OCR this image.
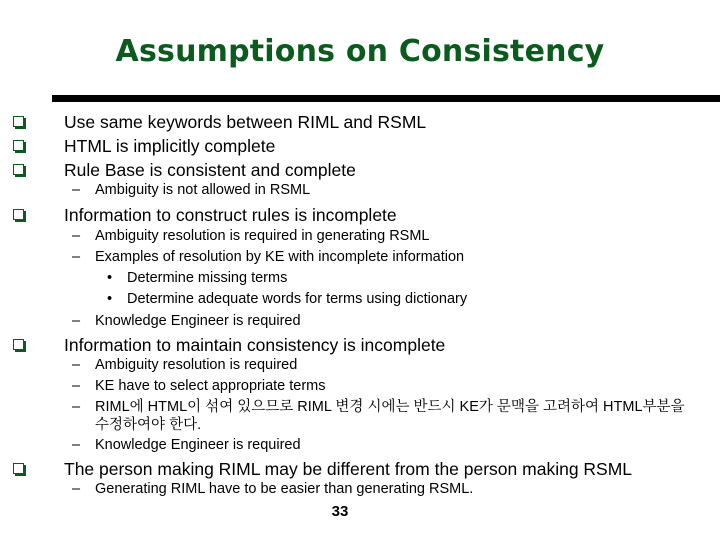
Assumptions on Consistency
Use same keywords between RIML and RSML
HTML is implicitly complete
Rule Base is consistent and complete
– Ambiguity is not allowed in RSML
Information to construct rules is incomplete
– Ambiguity resolution is required in generating RSML
– Examples of resolution by KE with incomplete information
• Determine missing terms
• Determine adequate words for terms using dictionary
– Knowledge Engineer is required
Information to maintain consistency is incomplete
– Ambiguity resolution is required
– KE have to select appropriate terms
– RIML에 HTML이 섞여 있으므로 RIML 변경 시에는 반드시 KE가 문맥을 고려하여 HTML부분을 수정하여야 한다.
– Knowledge Engineer is required
The person making RIML may be different from the person making RSML
– Generating RIML have to be easier than generating RSML.
33
